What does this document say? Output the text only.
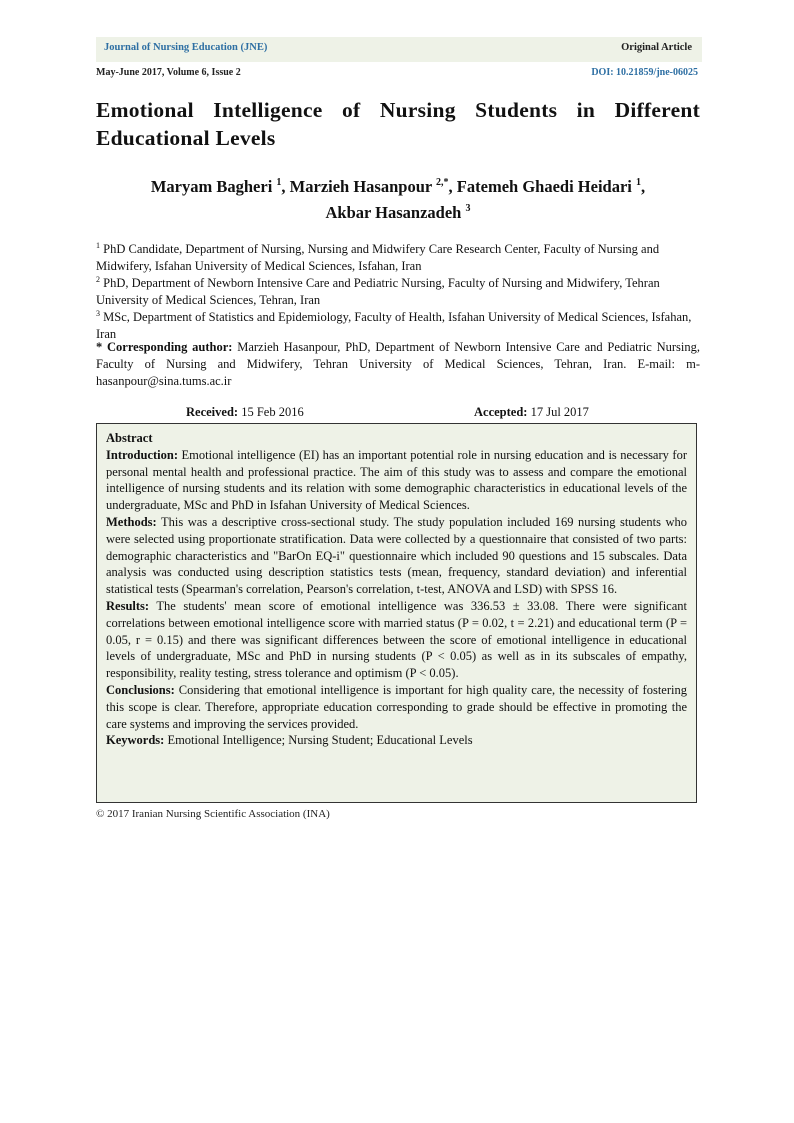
Journal of Nursing Education (JNE)	Original Article
May-June 2017, Volume 6, Issue 2	DOI: 10.21859/jne-06025
Emotional Intelligence of Nursing Students in Different Educational Levels
Maryam Bagheri $^1$, Marzieh Hasanpour $^{2,*}$, Fatemeh Ghaedi Heidari $^1$,
Akbar Hasanzadeh $^3$
$^1$ PhD Candidate, Department of Nursing, Nursing and Midwifery Care Research Center, Faculty of Nursing and Midwifery, Isfahan University of Medical Sciences, Isfahan, Iran
$^2$ PhD, Department of Newborn Intensive Care and Pediatric Nursing, Faculty of Nursing and Midwifery, Tehran University of Medical Sciences, Tehran, Iran
$^3$ MSc, Department of Statistics and Epidemiology, Faculty of Health, Isfahan University of Medical Sciences, Isfahan, Iran
* Corresponding author: Marzieh Hasanpour, PhD, Department of Newborn Intensive Care and Pediatric Nursing, Faculty of Nursing and Midwifery, Tehran University of Medical Sciences, Tehran, Iran. E-mail: m-hasanpour@sina.tums.ac.ir
Received: 15 Feb 2016	Accepted: 17 Jul 2017

Abstract

Introduction: Emotional intelligence (EI) has an important potential role in nursing education and is necessary for personal mental health and professional practice. The aim of this study was to assess and compare the emotional intelligence of nursing students and its relation with some demographic characteristics in educational levels of the undergraduate, MSc and PhD in Isfahan University of Medical Sciences.

Methods: This was a descriptive cross-sectional study. The study population included 169 nursing students who were selected using proportionate stratification. Data were collected by a questionnaire that consisted of two parts: demographic characteristics and "BarOn EQ-i" questionnaire which included 90 questions and 15 subscales. Data analysis was conducted using description statistics tests (mean, frequency, standard deviation) and inferential statistical tests (Spearman's correlation, Pearson's correlation, t-test, ANOVA and LSD) with SPSS 16.

Results: The students' mean score of emotional intelligence was 336.53 ± 33.08. There were significant correlations between emotional intelligence score with married status (P = 0.02, t = 2.21) and educational term (P = 0.05, r = 0.15) and there was significant differences between the score of emotional intelligence in educational levels of undergraduate, MSc and PhD in nursing students (P < 0.05) as well as in its subscales of empathy, responsibility, reality testing, stress tolerance and optimism (P < 0.05).

Conclusions: Considering that emotional intelligence is important for high quality care, the necessity of fostering this scope is clear. Therefore, appropriate education corresponding to grade should be effective in promoting the care systems and improving the services provided.

Keywords: Emotional Intelligence; Nursing Student; Educational Levels

© 2017 Iranian Nursing Scientific Association (INA)
